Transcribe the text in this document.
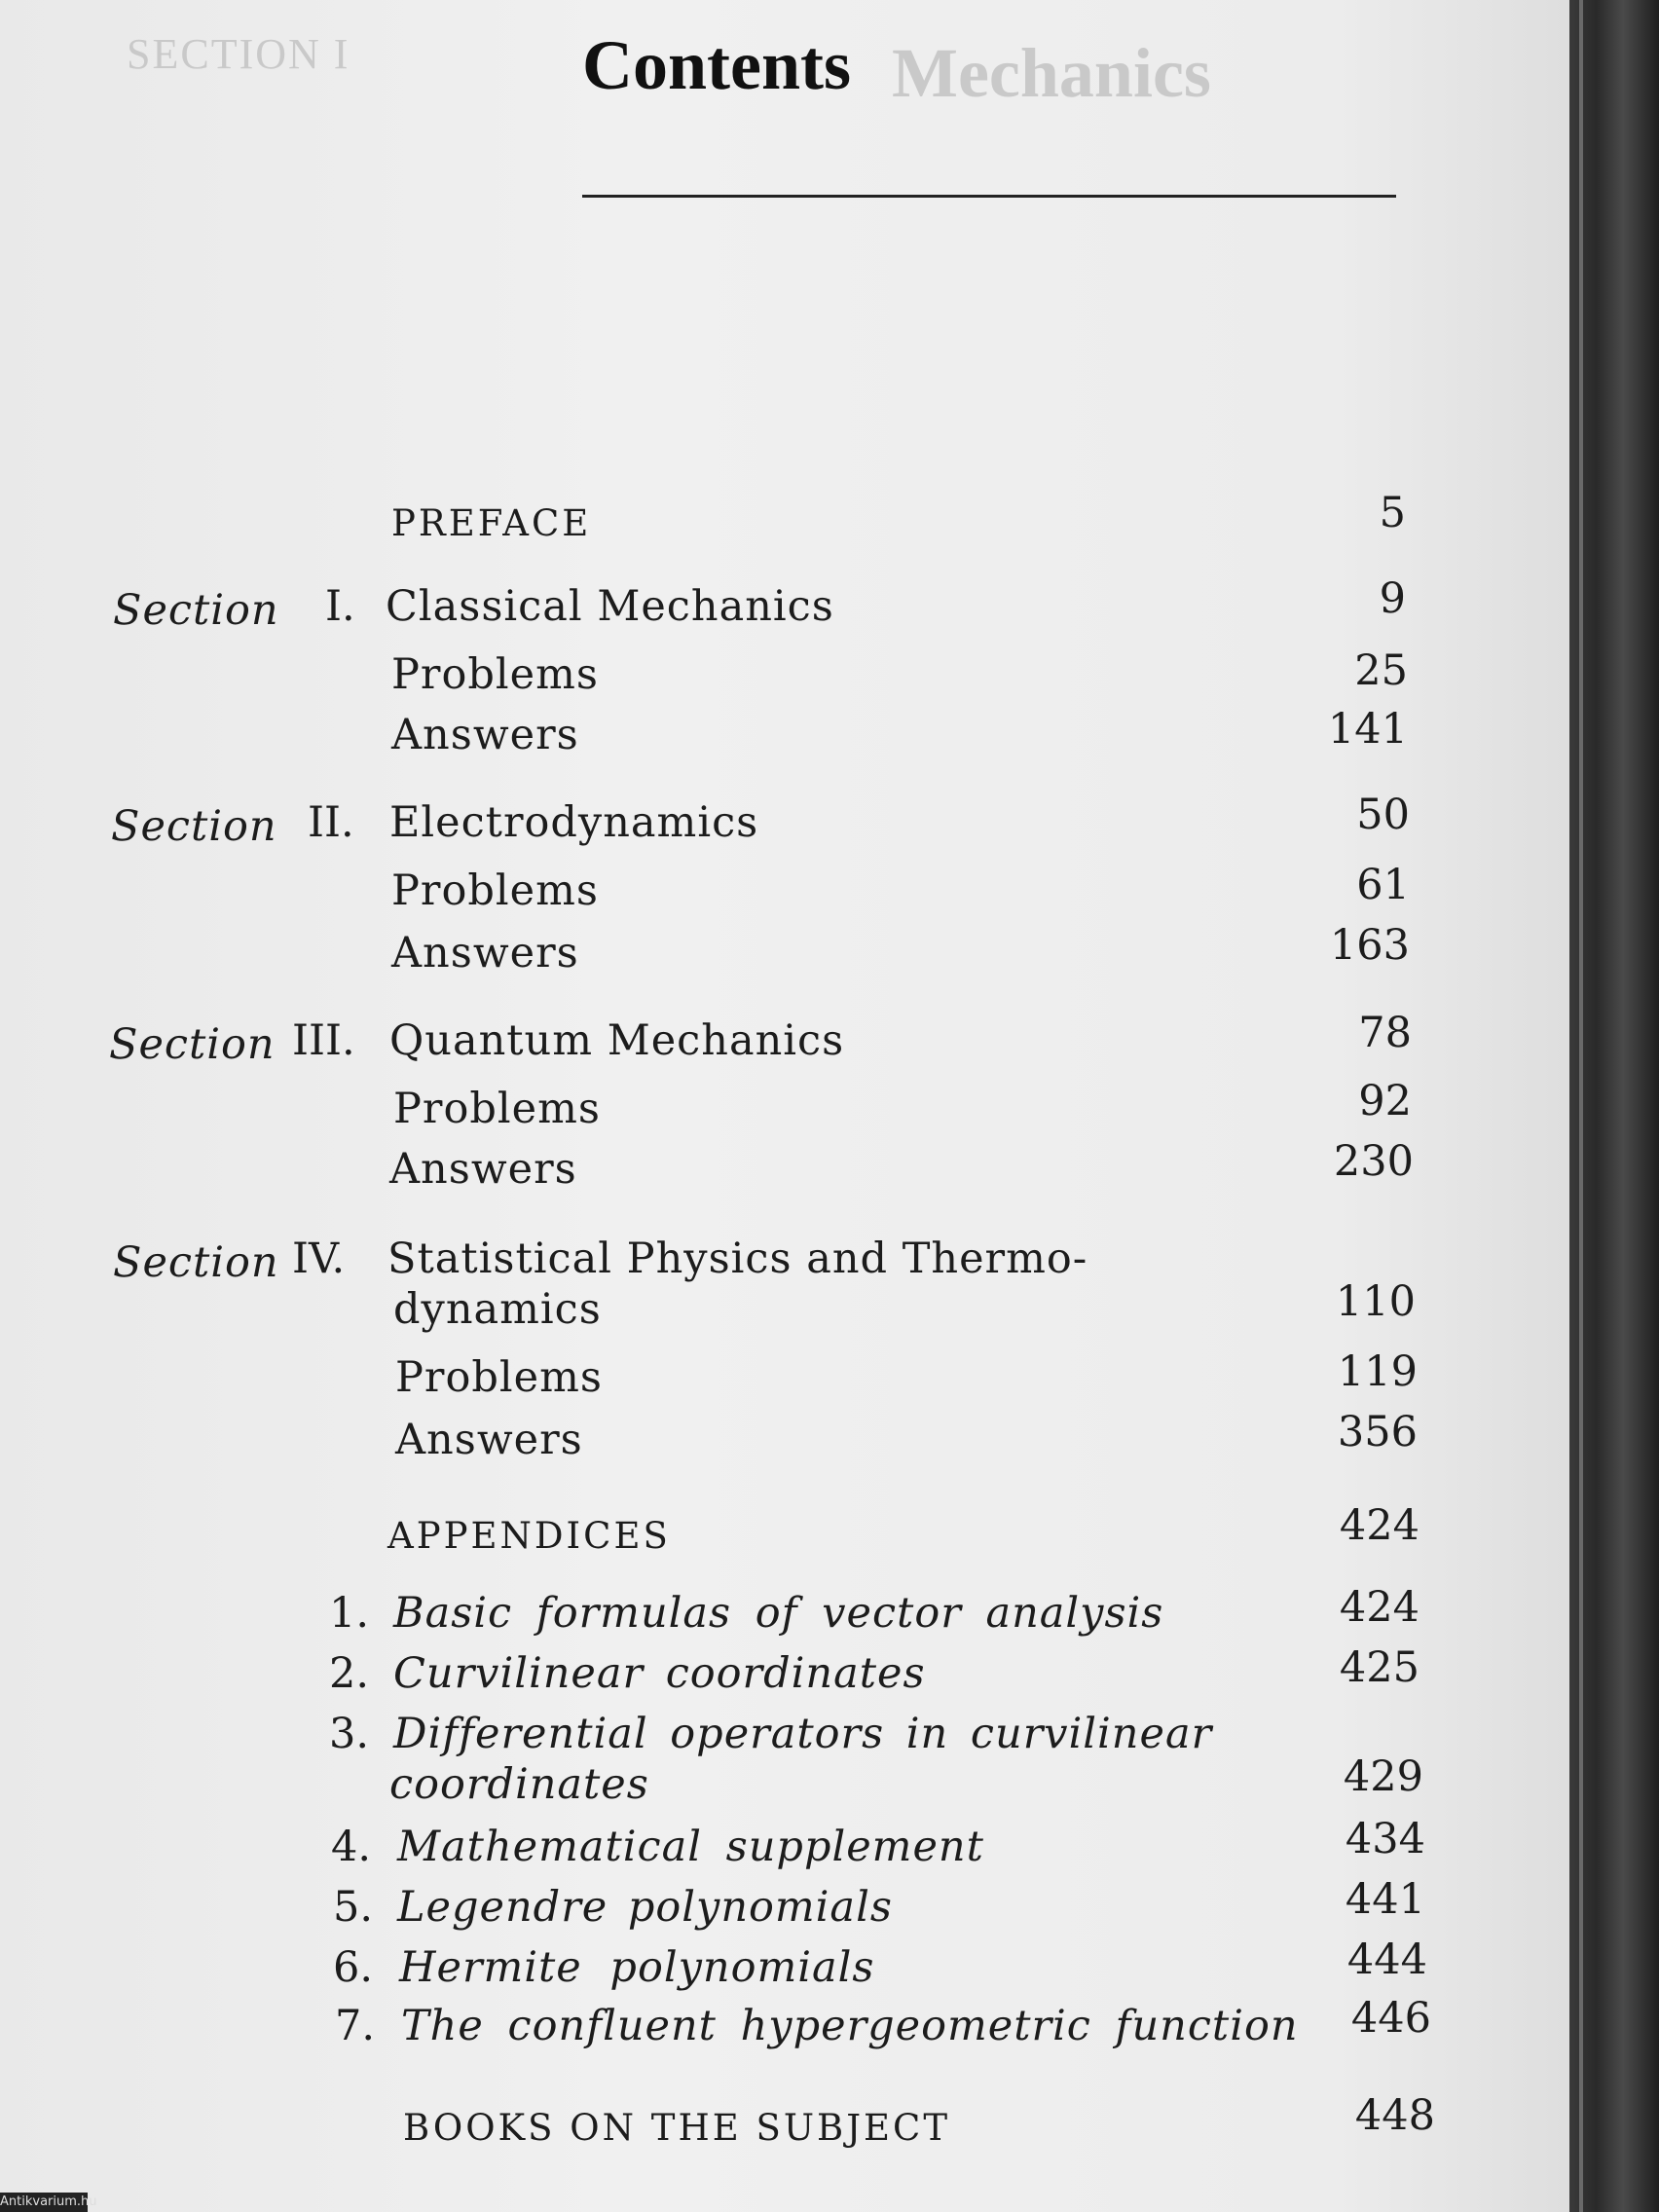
SECTION I	Mechanics
Contents
PREFACE	5
Section I. Classical Mechanics	9
Problems	25
Answers	141
Section II. Electrodynamics	50
Problems	61
Answers	163
Section III. Quantum Mechanics	78
Problems	92
Answers	230
Section IV. Statistical Physics and Thermo-
dynamics	110
Problems	119
Answers	356
APPENDICES	424
1. Basic formulas of vector analysis	424
2. Curvilinear coordinates	425
3. Differential operators in curvilinear
coordinates	429
4. Mathematical supplement	434
5. Legendre polynomials	441
6. Hermite polynomials	444
7. The confluent hypergeometric function	446
BOOKS ON THE SUBJECT	448
Antikvarium.hu
